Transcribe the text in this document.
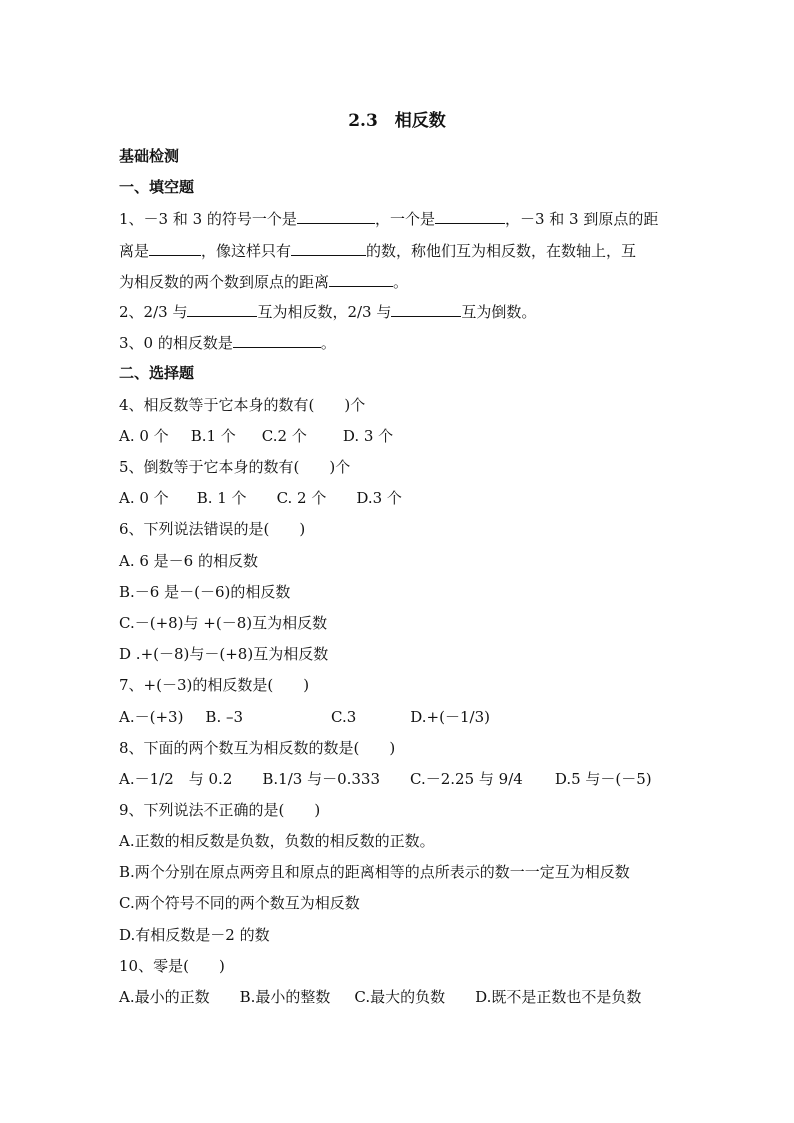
2.3　相反数
基础检测
一、填空题
1、－3 和 3 的符号一个是	，一个是	，－3 和 3 到原点的距
离是	，像这样只有	的数，称他们互为相反数，在数轴上，互
为相反数的两个数到原点的距离	。
2、2/3 与	互为相反数，2/3 与	互为倒数。
3、0 的相反数是	。
二、选择题
4、相反数等于它本身的数有(　　)个
A. 0 个 B.1 个 C.2 个 D. 3 个
5、倒数等于它本身的数有(　　)个
A. 0 个 B. 1 个 C. 2 个 D.3 个
6、下列说法错误的是(　　)
A. 6 是－6 的相反数
B.－6 是－(－6)的相反数
C.－(+8)与 +(－8)互为相反数
D .+(－8)与－(+8)互为相反数
7、+(－3)的相反数是(　　)
A.－(+3) B. –3	C.3	D.+(－1/3)
8、下面的两个数互为相反数的数是(　　)
A.－1/2　与 0.2 B.1/3 与－0.333 C.－2.25 与 9/4 D.5 与－(－5)
9、下列说法不正确的是(　　)
A.正数的相反数是负数，负数的相反数的正数。
B.两个分别在原点两旁且和原点的距离相等的点所表示的数一一定互为相反数
C.两个符号不同的两个数互为相反数
D.有相反数是－2 的数
10、零是(　　)
A.最小的正数 B.最小的整数 C.最大的负数 D.既不是正数也不是负数
